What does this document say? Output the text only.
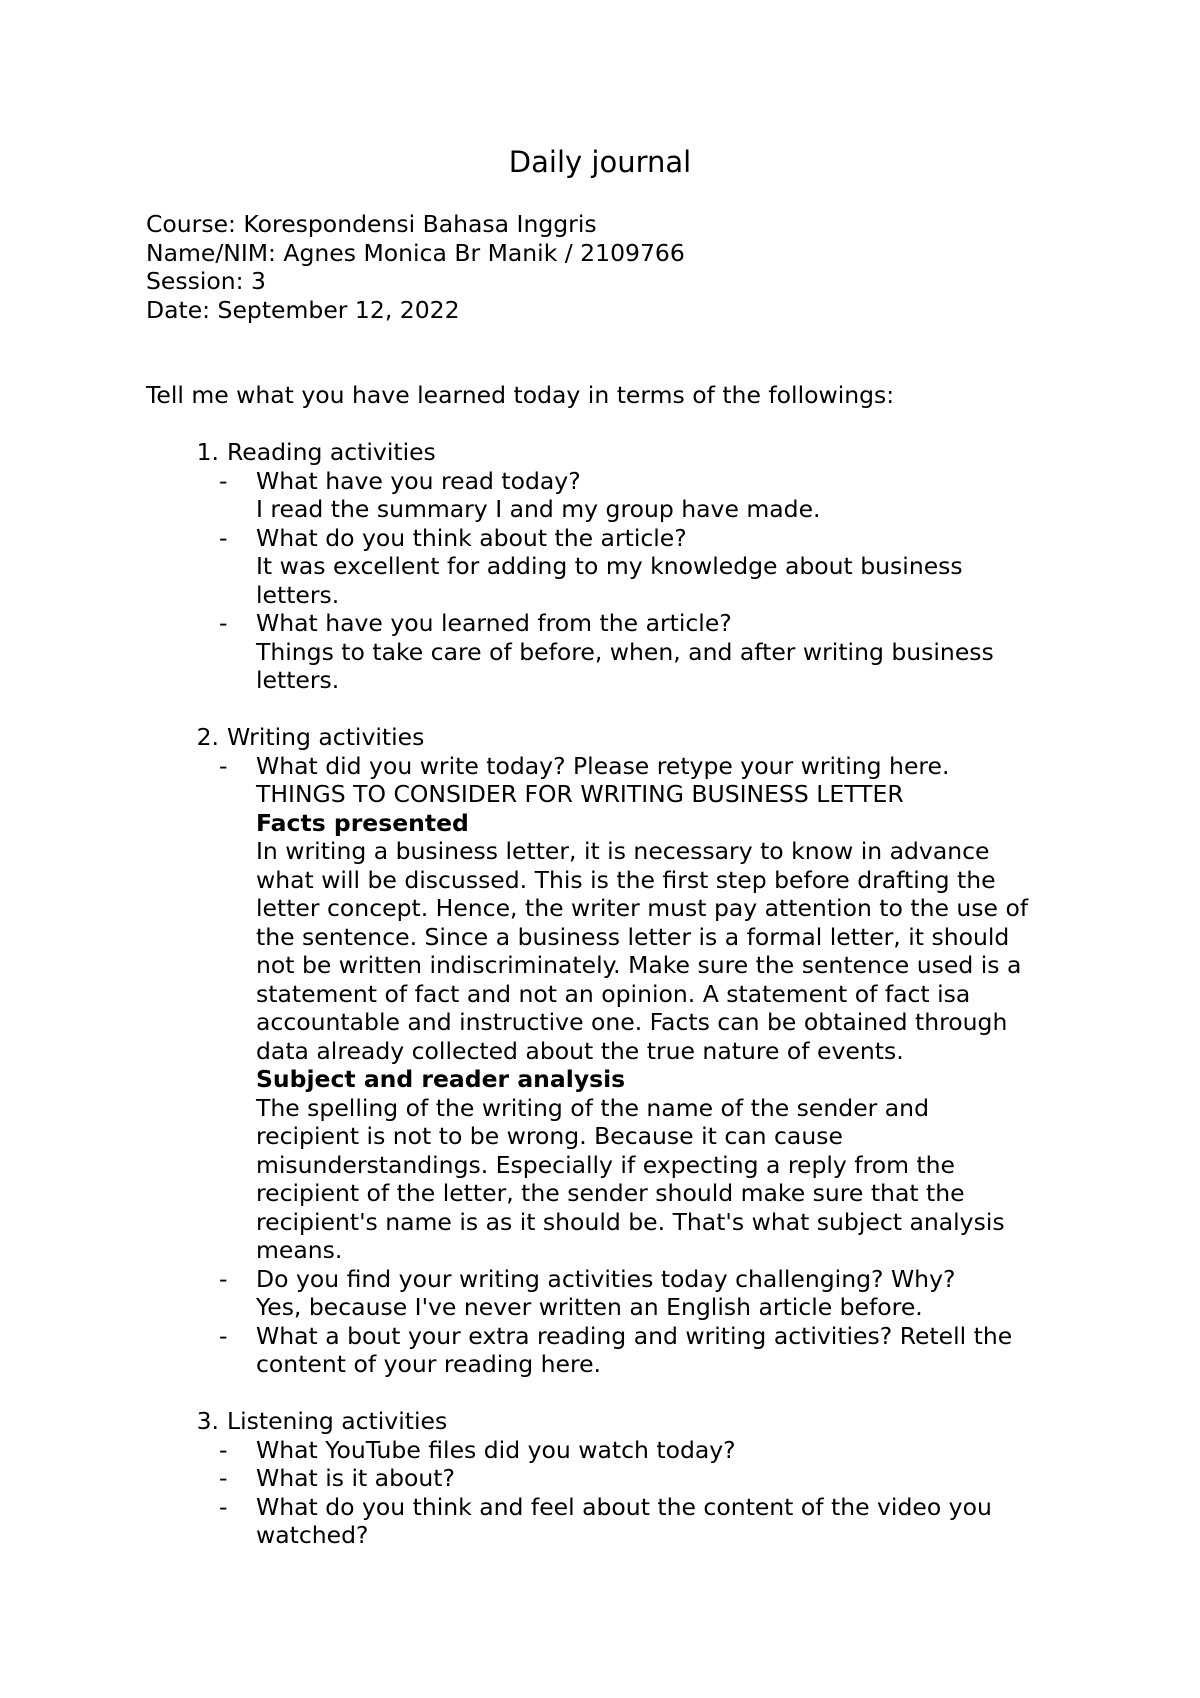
Daily journal

Course: Korespondensi Bahasa Inggris

Name/NIM: Agnes Monica Br Manik / 2109766

Session: 3

Date: September 12, 2022

Tell me what you have learned today in terms of the followings:

1. Reading activities

- What have you read today?

I read the summary I and my group have made.

- What do you think about the article?

It was excellent for adding to my knowledge about business

letters.

- What have you learned from the article?

Things to take care of before, when, and after writing business

letters.

2. Writing activities

- What did you write today? Please retype your writing here.

THINGS TO CONSIDER FOR WRITING BUSINESS LETTER

Facts presented

In writing a business letter, it is necessary to know in advance

what will be discussed. This is the first step before drafting the

letter concept. Hence, the writer must pay attention to the use of

the sentence. Since a business letter is a formal letter, it should

not be written indiscriminately. Make sure the sentence used is a

statement of fact and not an opinion. A statement of fact isa

accountable and instructive one. Facts can be obtained through

data already collected about the true nature of events.

Subject and reader analysis

The spelling of the writing of the name of the sender and

recipient is not to be wrong. Because it can cause

misunderstandings. Especially if expecting a reply from the

recipient of the letter, the sender should make sure that the

recipient's name is as it should be. That's what subject analysis

means.

- Do you find your writing activities today challenging? Why?

Yes, because I've never written an English article before.

- What a bout your extra reading and writing activities? Retell the

content of your reading here.

3. Listening activities

- What YouTube files did you watch today?

- What is it about?

- What do you think and feel about the content of the video you

watched?
